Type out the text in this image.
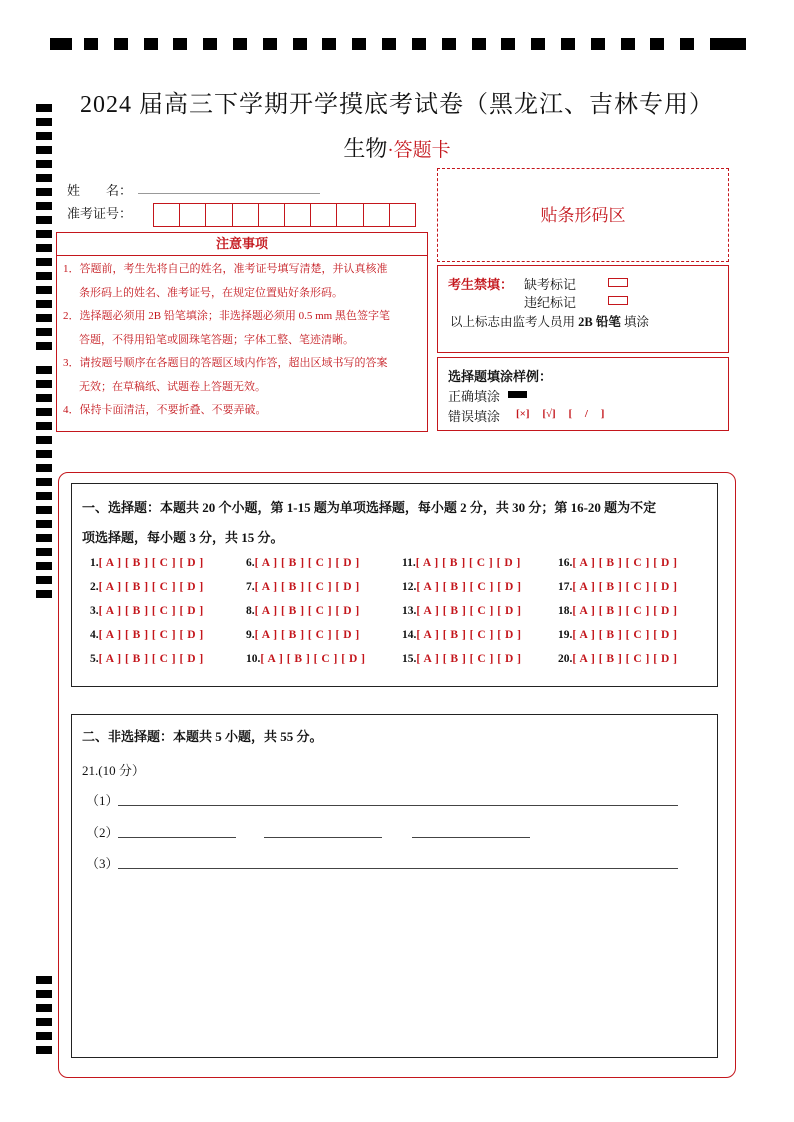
2024 届高三下学期开学摸底考试卷（黑龙江、吉林专用）
生物·答题卡
姓　　名：
准考证号：	贴条形码区
注意事项
1．答题前，考生先将自己的姓名，准考证号填写清楚，并认真核准
条形码上的姓名、准考证号，在规定位置贴好条形码。
2．选择题必须用 2B 铅笔填涂；非选择题必须用 0.5 mm 黑色签字笔
答题，不得用铅笔或圆珠笔答题；字体工整、笔迹清晰。
3．请按题号顺序在各题目的答题区域内作答，超出区域书写的答案
无效；在草稿纸、试题卷上答题无效。
4．保持卡面清洁，不要折叠、不要弄破。
考生禁填： 缺考标记
违纪标记
以上标志由监考人员用 2B 铅笔 填涂
选择题填涂样例：
正确填涂
错误填涂 [×] [√] [ / ]
一、选择题：本题共 20 个小题，第 1-15 题为单项选择题，每小题 2 分，共 30 分；第 16-20 题为不定
项选择题，每小题 3 分，共 15 分。
1.[ A ] [ B ] [ C ] [ D ]
2.[ A ] [ B ] [ C ] [ D ]
3.[ A ] [ B ] [ C ] [ D ]
4.[ A ] [ B ] [ C ] [ D ]
5.[ A ] [ B ] [ C ] [ D ]
6.[ A ] [ B ] [ C ] [ D ]
7.[ A ] [ B ] [ C ] [ D ]
8.[ A ] [ B ] [ C ] [ D ]
9.[ A ] [ B ] [ C ] [ D ]
10.[ A ] [ B ] [ C ] [ D ]
11.[ A ] [ B ] [ C ] [ D ]
12.[ A ] [ B ] [ C ] [ D ]
13.[ A ] [ B ] [ C ] [ D ]
14.[ A ] [ B ] [ C ] [ D ]
15.[ A ] [ B ] [ C ] [ D ]
16.[ A ] [ B ] [ C ] [ D ]
17.[ A ] [ B ] [ C ] [ D ]
18.[ A ] [ B ] [ C ] [ D ]
19.[ A ] [ B ] [ C ] [ D ]
20.[ A ] [ B ] [ C ] [ D ]
二、非选择题：本题共 5 小题，共 55 分。
21.(10 分）
（1）
（2）
（3）
